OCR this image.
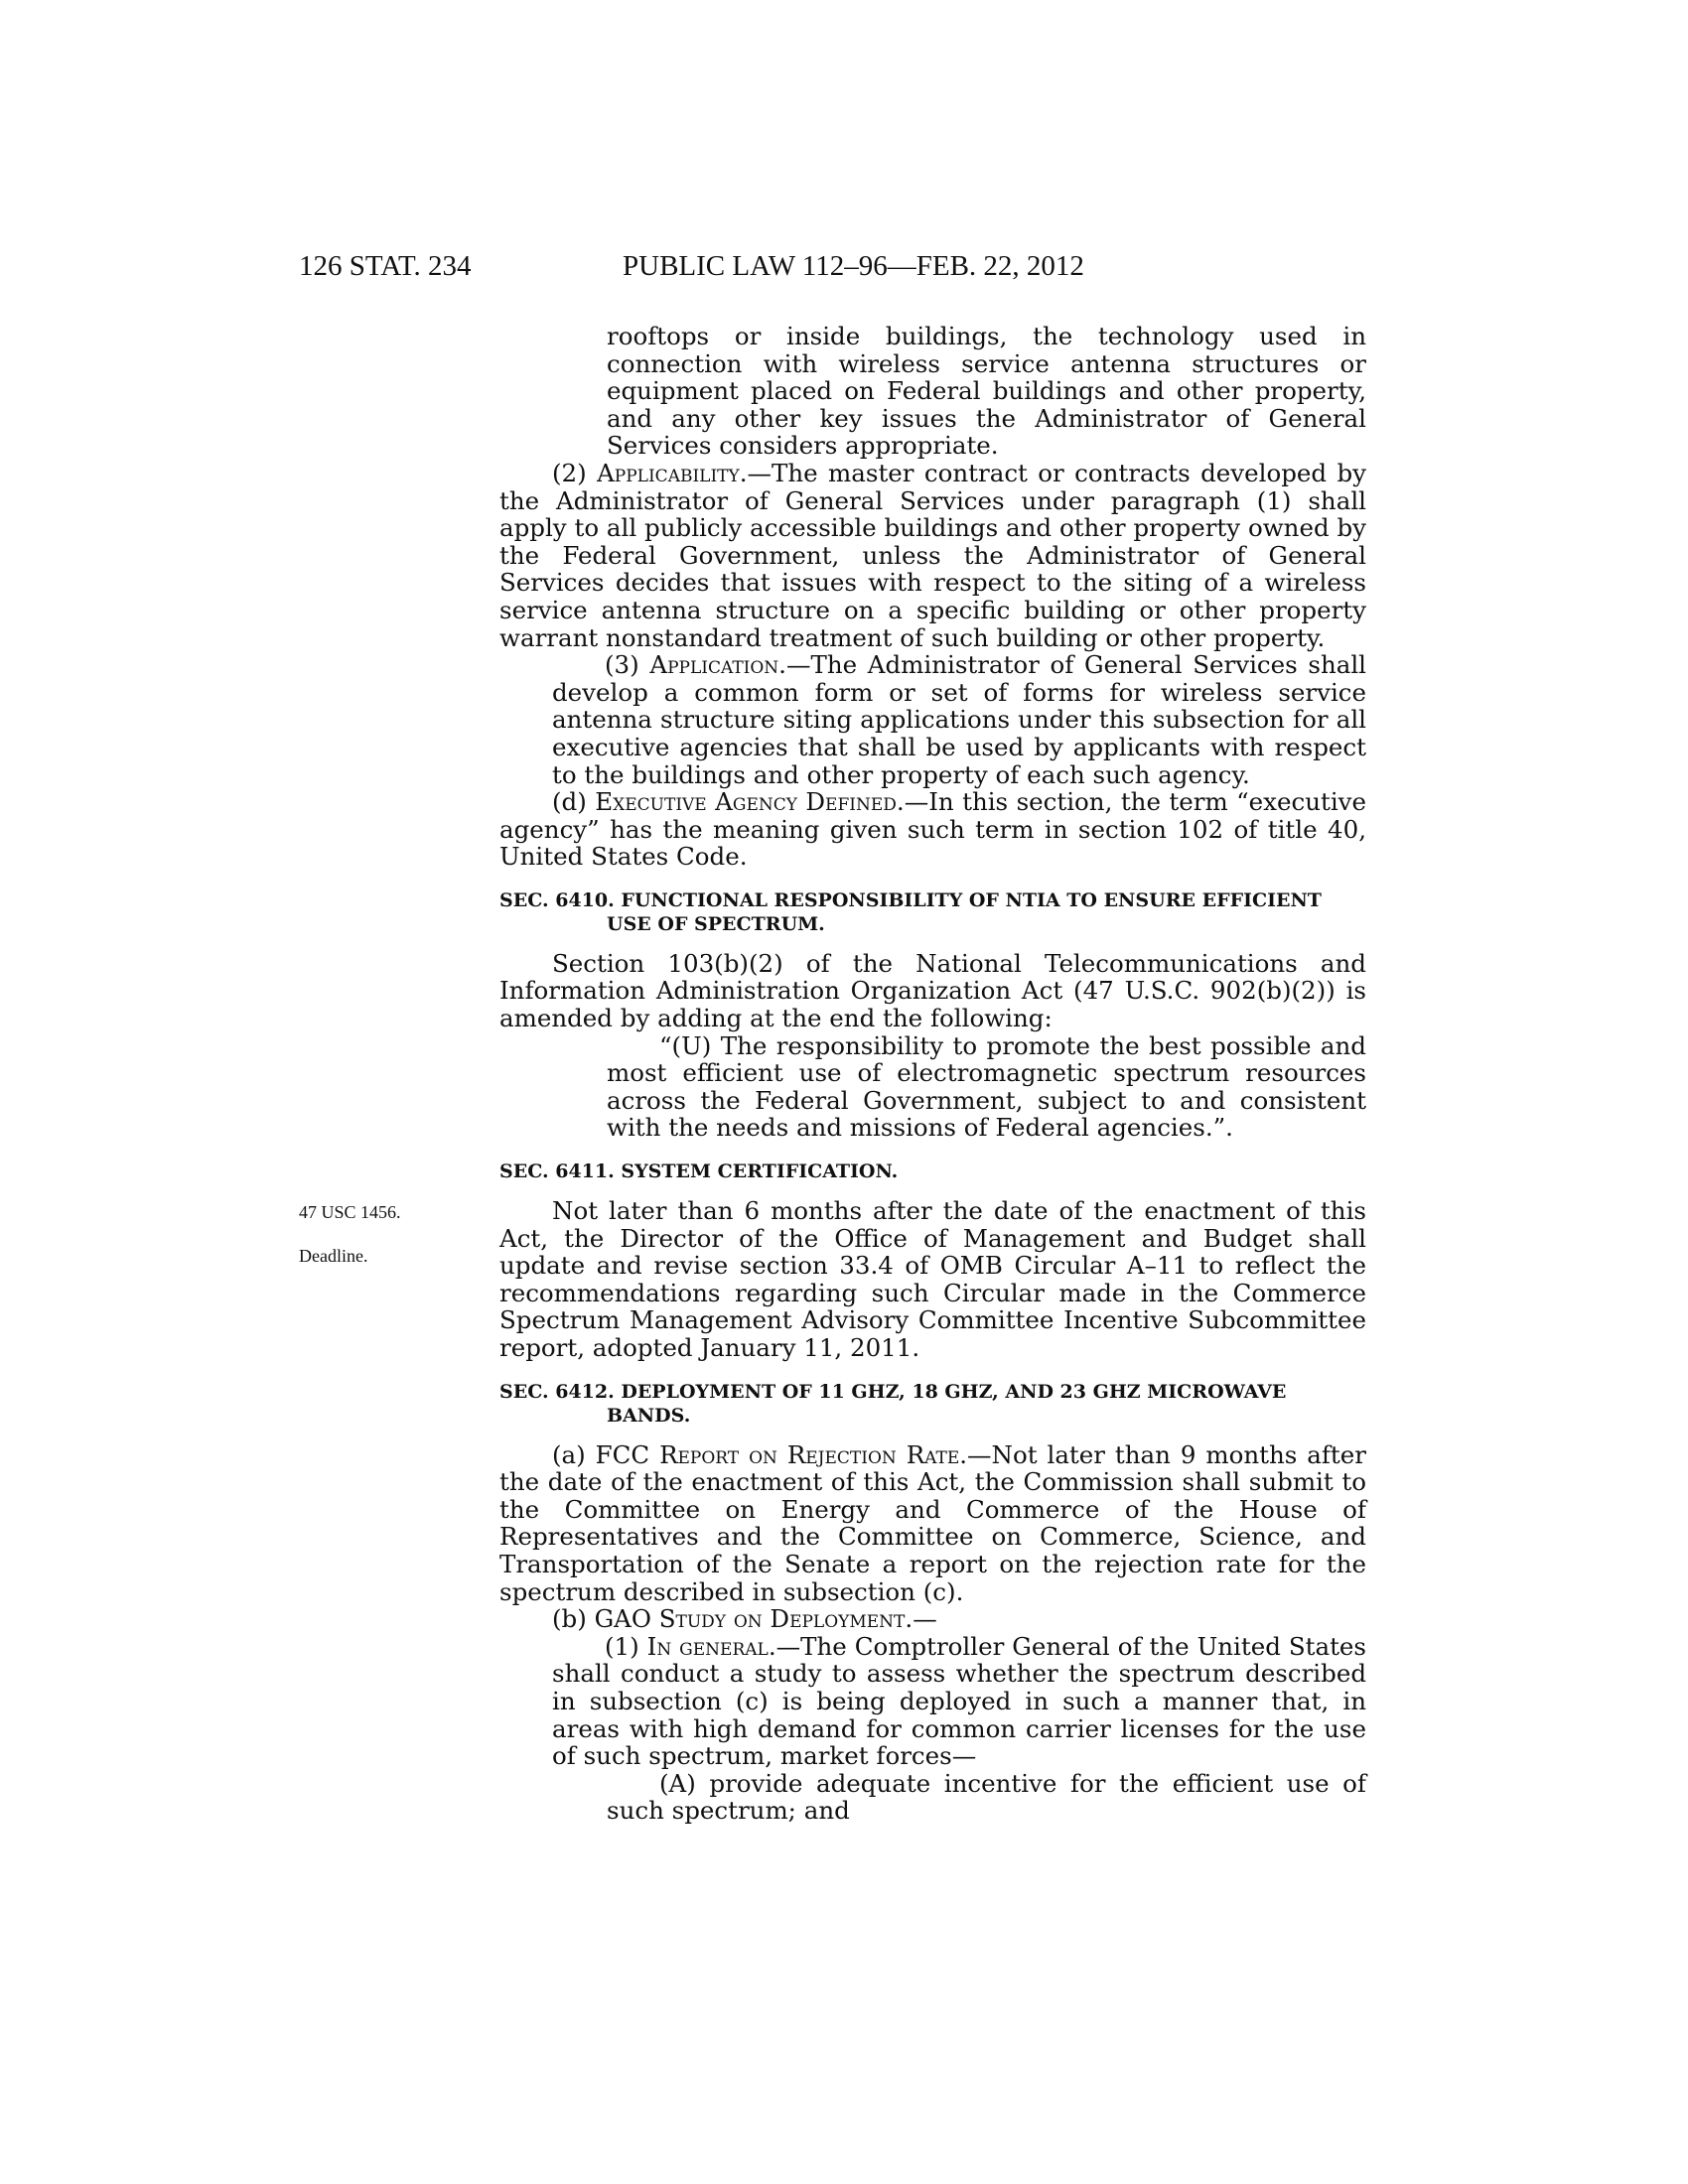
126 STAT. 234	PUBLIC LAW 112–96—FEB. 22, 2012
47 USC 1456.
Deadline.

rooftops or inside buildings, the technology used in connection with wireless service antenna structures or equipment placed on Federal buildings and other property, and any other key issues the Administrator of General Services considers appropriate.

(2) Applicability.—The master contract or contracts developed by the Administrator of General Services under paragraph (1) shall apply to all publicly accessible buildings and other property owned by the Federal Government, unless the Administrator of General Services decides that issues with respect to the siting of a wireless service antenna structure on a specific building or other property warrant nonstandard treatment of such building or other property.

(3) Application.—The Administrator of General Services shall develop a common form or set of forms for wireless service antenna structure siting applications under this subsection for all executive agencies that shall be used by applicants with respect to the buildings and other property of each such agency.

(d) Executive Agency Defined.—In this section, the term “executive agency” has the meaning given such term in section 102 of title 40, United States Code.

SEC. 6410. FUNCTIONAL RESPONSIBILITY OF NTIA TO ENSURE EFFICIENT USE OF SPECTRUM.

Section 103(b)(2) of the National Telecommunications and Information Administration Organization Act (47 U.S.C. 902(b)(2)) is amended by adding at the end the following:

“(U) The responsibility to promote the best possible and most efficient use of electromagnetic spectrum resources across the Federal Government, subject to and consistent with the needs and missions of Federal agencies.”.

SEC. 6411. SYSTEM CERTIFICATION.

Not later than 6 months after the date of the enactment of this Act, the Director of the Office of Management and Budget shall update and revise section 33.4 of OMB Circular A–11 to reflect the recommendations regarding such Circular made in the Commerce Spectrum Management Advisory Committee Incentive Subcommittee report, adopted January 11, 2011.

SEC. 6412. DEPLOYMENT OF 11 GHZ, 18 GHZ, AND 23 GHZ MICROWAVE BANDS.

(a) FCC Report on Rejection Rate.—Not later than 9 months after the date of the enactment of this Act, the Commission shall submit to the Committee on Energy and Commerce of the House of Representatives and the Committee on Commerce, Science, and Transportation of the Senate a report on the rejection rate for the spectrum described in subsection (c).

(b) GAO Study on Deployment.—

(1) In general.—The Comptroller General of the United States shall conduct a study to assess whether the spectrum described in subsection (c) is being deployed in such a manner that, in areas with high demand for common carrier licenses for the use of such spectrum, market forces—

(A) provide adequate incentive for the efficient use of such spectrum; and
